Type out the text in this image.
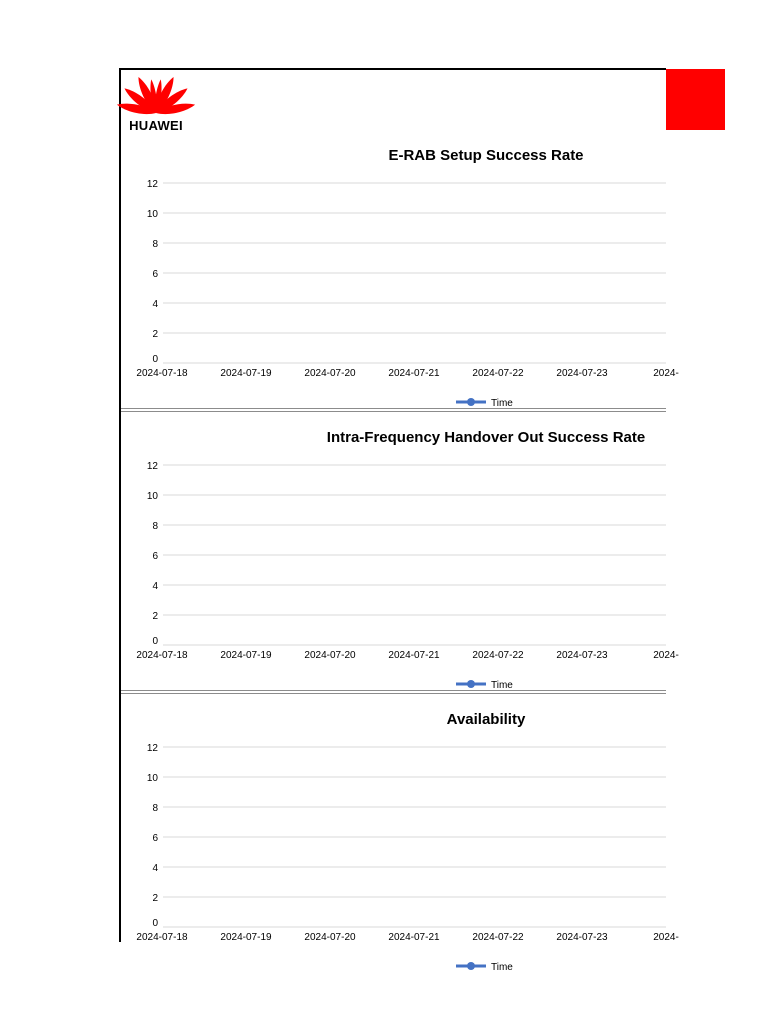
HUAWEI
E-RAB Setup Success Rate
0
2
4
6
8
10
12
2024-07-18	2024-07-19	2024-07-20	2024-07-21	2024-07-22	2024-07-23	2024-
Time
Intra-Frequency Handover Out Success Rate
0
2
4
6
8
10
12
2024-07-18	2024-07-19	2024-07-20	2024-07-21	2024-07-22	2024-07-23	2024-
Time
Availability
0
2
4
6
8
10
12
2024-07-18	2024-07-19	2024-07-20	2024-07-21	2024-07-22	2024-07-23	2024-
Time
